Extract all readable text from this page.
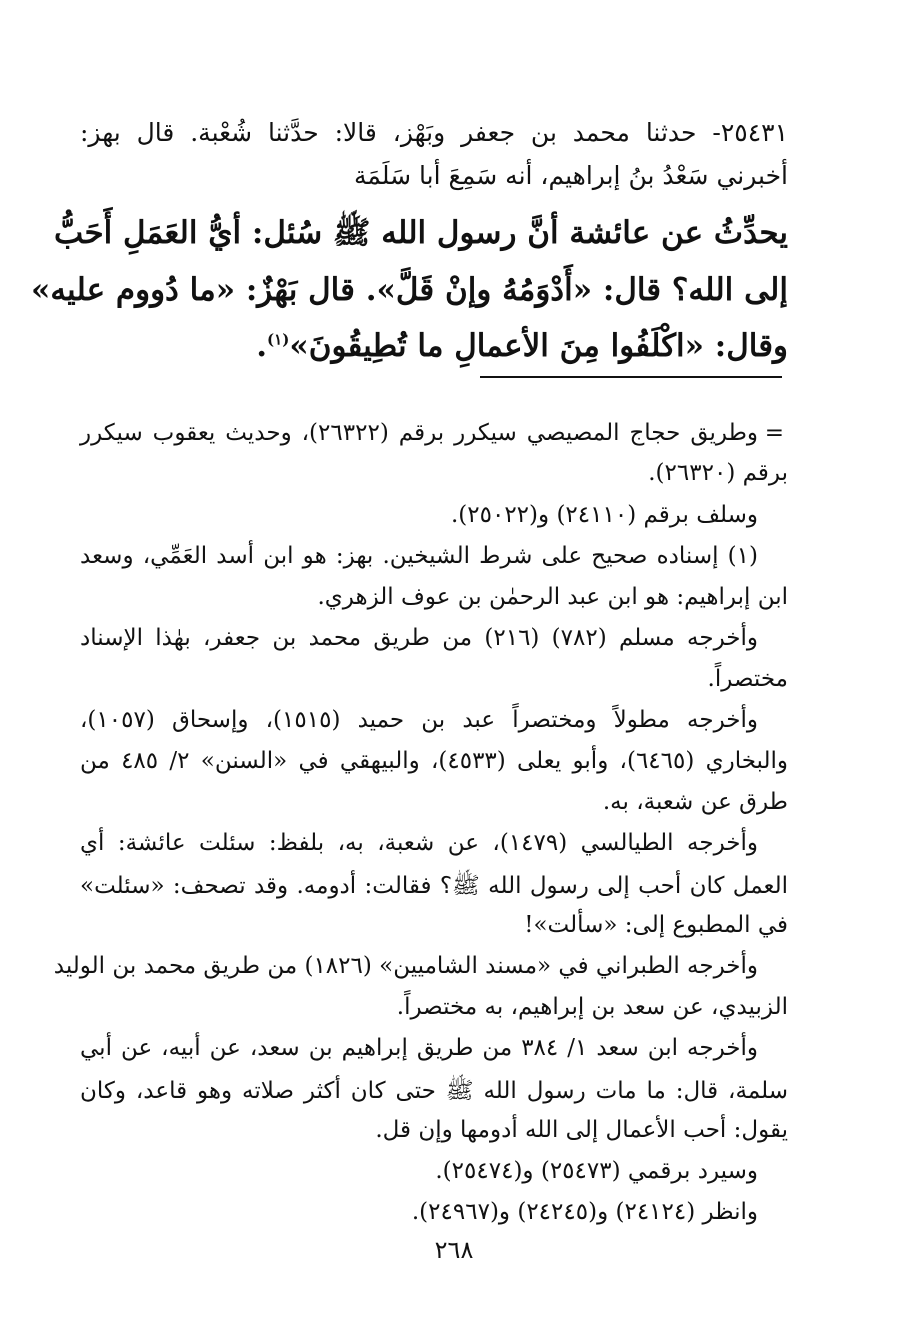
٢٥٤٣١- حدثنا محمد بن جعفر وبَهْز، قالا: حدَّثنا شُعْبة. قال بهز:
أخبرني سَعْدُ بنُ إبراهيم، أنه سَمِعَ أبا سَلَمَة
يحدِّثُ عن عائشة أنَّ رسول الله ﷺ سُئل: أيُّ العَمَلِ أَحَبُّ
إلى الله؟ قال: «أَدْوَمُهُ وإنْ قَلَّ». قال بَهْزٌ: «ما دُووم عليه»
وقال: «اكْلَفُوا مِنَ الأعمالِ ما تُطِيقُونَ»$^{(١)}$.
=
وطريق حجاج المصيصي سيكرر برقم (٢٦٣٢٢)، وحديث يعقوب سيكرر
برقم (٢٦٣٢٠).
وسلف برقم (٢٤١١٠) و(٢٥٠٢٢).
(١) إسناده صحيح على شرط الشيخين. بهز: هو ابن أسد العَمِّي، وسعد
ابن إبراهيم: هو ابن عبد الرحمٰن بن عوف الزهري.
وأخرجه مسلم (٧٨٢) (٢١٦) من طريق محمد بن جعفر، بهٰذا الإسناد
مختصراً.
وأخرجه مطولاً ومختصراً عبد بن حميد (١٥١٥)، وإسحاق (١٠٥٧)،
والبخاري (٦٤٦٥)، وأبو يعلى (٤٥٣٣)، والبيهقي في «السنن» ٢/ ٤٨٥ من
طرق عن شعبة، به.
وأخرجه الطيالسي (١٤٧٩)، عن شعبة، به، بلفظ: سئلت عائشة: أي
العمل كان أحب إلى رسول الله ﷺ؟ فقالت: أدومه. وقد تصحف: «سئلت»
في المطبوع إلى: «سألت»!
وأخرجه الطبراني في «مسند الشاميين» (١٨٢٦) من طريق محمد بن الوليد
الزبيدي، عن سعد بن إبراهيم، به مختصراً.
وأخرجه ابن سعد ١/ ٣٨٤ من طريق إبراهيم بن سعد، عن أبيه، عن أبي
سلمة، قال: ما مات رسول الله ﷺ حتى كان أكثر صلاته وهو قاعد، وكان
يقول: أحب الأعمال إلى الله أدومها وإن قل.
وسيرد برقمي (٢٥٤٧٣) و(٢٥٤٧٤).
وانظر (٢٤١٢٤) و(٢٤٢٤٥) و(٢٤٩٦٧).
٢٦٨
